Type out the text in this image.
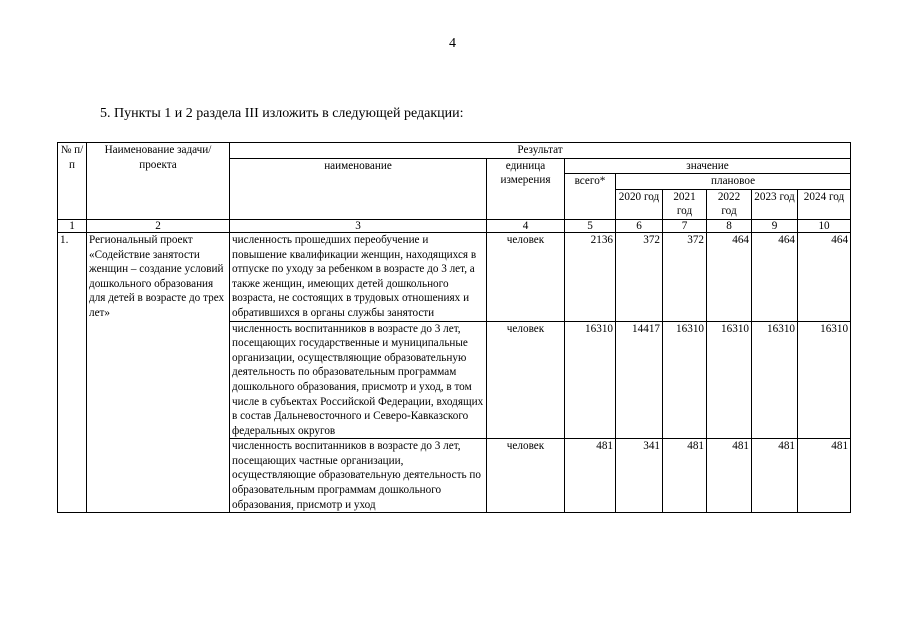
4
5. Пункты 1 и 2 раздела III изложить в следующей редакции:
№ п/п	Наименование задачи/проекта	Результат							
		наименование	единица измерения	значение					
				всего*	плановое				
					2020 год	2021 год	2022 год	2023 год	2024 год
1	2	3	4	5	6	7	8	9	10
1.	Региональный проект «Содействие занятости женщин – создание условий дошкольного образования для детей в возрасте до трех лет»	численность прошедших переобучение и повышение квалификации женщин, находящихся в отпуске по уходу за ребенком в возрасте до 3 лет, а также женщин, имеющих детей дошкольного возраста, не состоящих в трудовых отношениях и обратившихся в органы службы занятости	человек	2136	372	372	464	464	464
		численность воспитанников в возрасте до 3 лет, посещающих государственные и муниципальные организации, осуществляющие образовательную деятельность по образовательным программам дошкольного образования, присмотр и уход, в том числе в субъектах Российской Федерации, входящих в состав Дальневосточного и Северо-Кавказского федеральных округов	человек	16310	14417	16310	16310	16310	16310
		численность воспитанников в возрасте до 3 лет, посещающих частные организации, осуществляющие образовательную деятельность по образовательным программам дошкольного образования, присмотр и уход	человек	481	341	481	481	481	481
